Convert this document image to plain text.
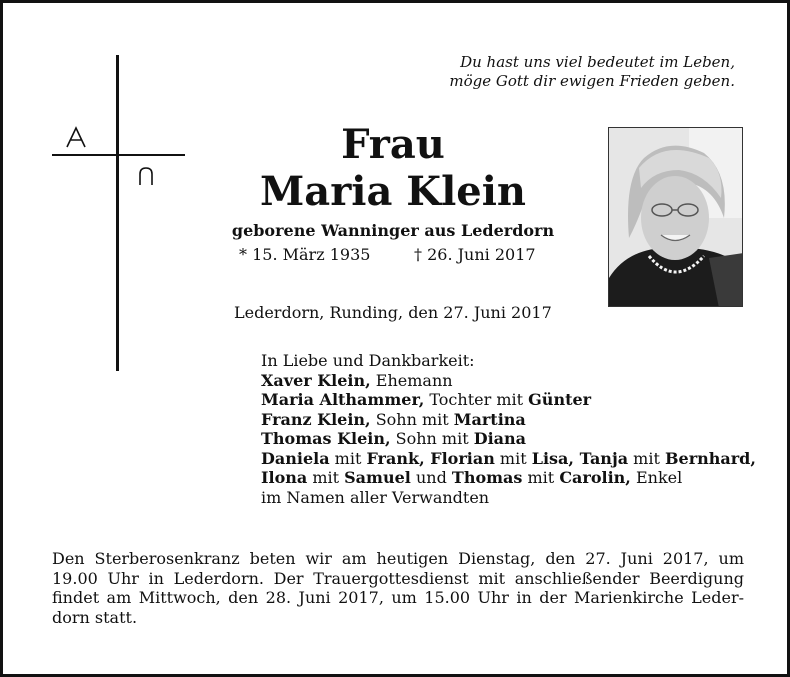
Du hast uns viel bedeutet im Leben,
möge Gott dir ewigen Frieden geben.
Frau
Maria Klein
geborene Wanninger aus Lederdorn
* 15. März 1935	† 26. Juni 2017
Lederdorn, Runding, den 27. Juni 2017
In Liebe und Dankbarkeit:
Xaver Klein, Ehemann
Maria Althammer, Tochter mit Günter
Franz Klein, Sohn mit Martina
Thomas Klein, Sohn mit Diana
Daniela mit Frank, Florian mit Lisa, Tanja mit Bernhard,
Ilona mit Samuel und Thomas mit Carolin, Enkel
im Namen aller Verwandten
Den Sterberosenkranz beten wir am heutigen Dienstag, den 27. Juni 2017, um
19.00 Uhr in Lederdorn. Der Trauergottesdienst mit anschließender Beerdigung
findet am Mittwoch, den 28. Juni 2017, um 15.00 Uhr in der Marienkirche Leder-
dorn statt.
